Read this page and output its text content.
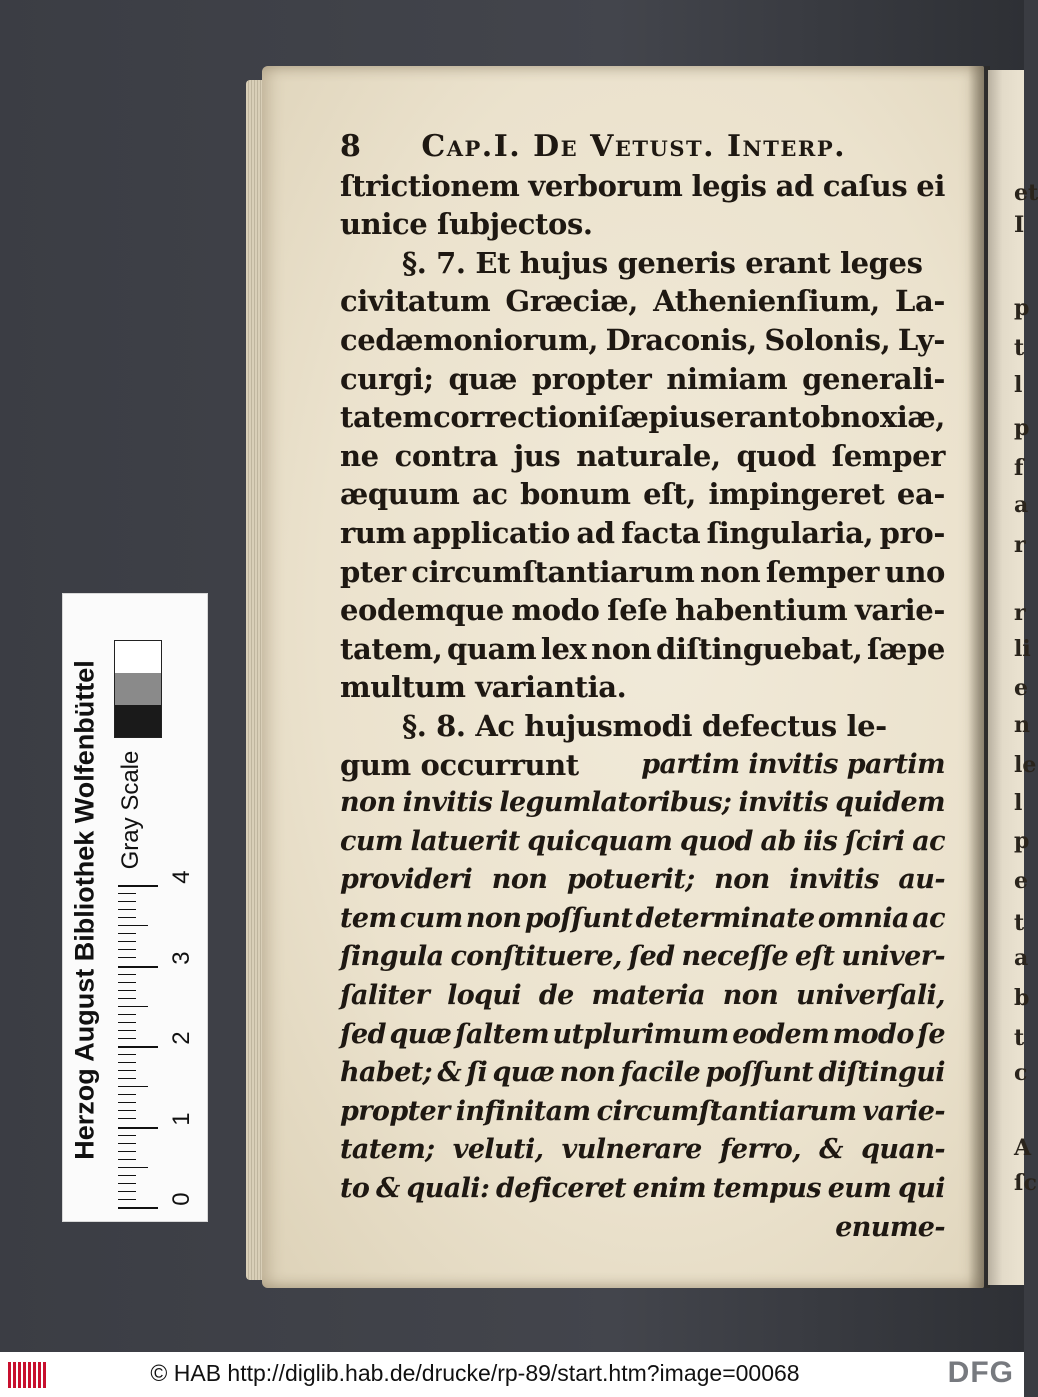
et
I
p
t
l
p
f
a
r
r
li
e
n
le
l
p
e
t
a
b
t
c
A
ſc
8	Cap.I. De Vetust. Interp.
ſtrictionem verborum legis ad caſus ei
unice ſubjectos.
§. 7. Et hujus generis erant leges
civitatum Græciæ, Athenienſium, La-
cedæmoniorum, Draconis, Solonis, Ly-
curgi; quæ propter nimiam generali-
tatem correctioni ſæpius erant obnoxiæ,
ne contra jus naturale, quod ſemper
æquum ac bonum eſt, impingeret ea-
rum applicatio ad facta ſingularia, pro-
pter circumſtantiarum non ſemper uno
eodemque modo ſeſe habentium varie-
tatem, quam lex non diſtinguebat, ſæpe
multum variantia.
§. 8. Ac hujusmodi defectus le-
gum occurrunt partim invitis partim
non invitis legumlatoribus; invitis quidem
cum latuerit quicquam quod ab iis ſciri ac
provideri non potuerit; non invitis au-
tem cum non poſſunt determinate omnia ac
ſingula conſtituere, ſed neceſſe eſt univer-
ſaliter loqui de materia non univerſali,
ſed quæ ſaltem utplurimum eodem modo ſe
habet; & ſi quæ non facile poſſunt diſtingui
propter infinitam circumſtantiarum varie-
tatem; veluti, vulnerare ferro, & quan-
to & quali: deficeret enim tempus eum qui
enume-
Herzog August Bibliothek Wolfenbüttel Gray Scale
0
1
2
3
4
© HAB http://diglib.hab.de/drucke/rp-89/start.htm?image=00068	DFG
